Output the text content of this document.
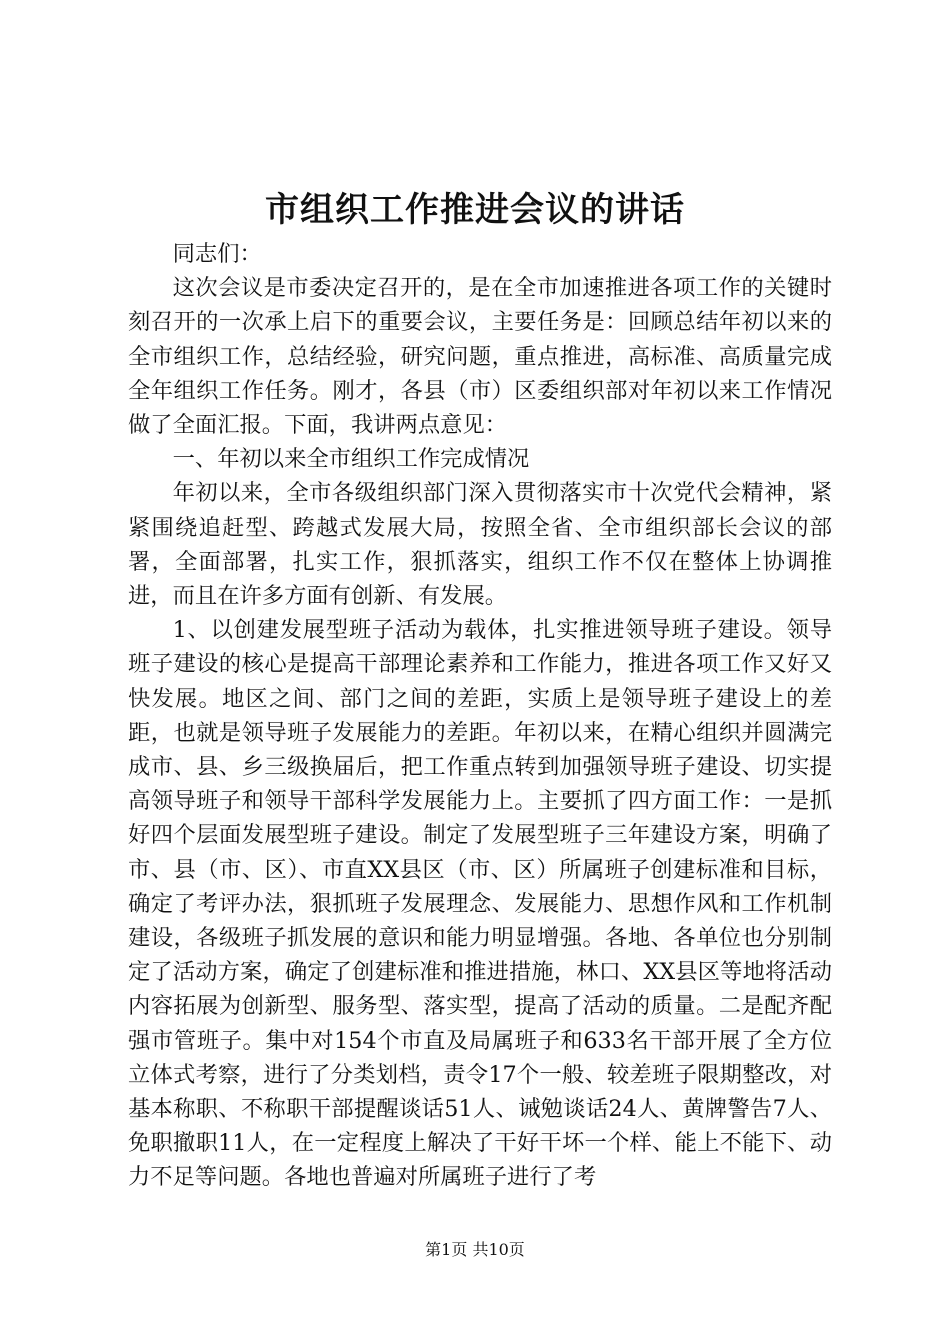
市组织工作推进会议的讲话

同志们：

这次会议是市委决定召开的，是在全市加速推进各项工作的关键时刻召开的一次承上启下的重要会议，主要任务是：回顾总结年初以来的全市组织工作，总结经验，研究问题，重点推进，高标准、高质量完成全年组织工作任务。刚才，各县（市）区委组织部对年初以来工作情况做了全面汇报。下面，我讲两点意见：

一、年初以来全市组织工作完成情况

年初以来，全市各级组织部门深入贯彻落实市十次党代会精神，紧紧围绕追赶型、跨越式发展大局，按照全省、全市组织部长会议的部署，全面部署，扎实工作，狠抓落实，组织工作不仅在整体上协调推进，而且在许多方面有创新、有发展。

1、以创建发展型班子活动为载体，扎实推进领导班子建设。领导班子建设的核心是提高干部理论素养和工作能力，推进各项工作又好又快发展。地区之间、部门之间的差距，实质上是领导班子建设上的差距，也就是领导班子发展能力的差距。年初以来，在精心组织并圆满完成市、县、乡三级换届后，把工作重点转到加强领导班子建设、切实提高领导班子和领导干部科学发展能力上。主要抓了四方面工作：一是抓好四个层面发展型班子建设。制定了发展型班子三年建设方案，明确了市、县（市、区）、市直XX县区（市、区）所属班子创建标准和目标，确定了考评办法，狠抓班子发展理念、发展能力、思想作风和工作机制建设，各级班子抓发展的意识和能力明显增强。各地、各单位也分别制定了活动方案，确定了创建标准和推进措施，林口、XX县区等地将活动内容拓展为创新型、服务型、落实型，提高了活动的质量。二是配齐配强市管班子。集中对154个市直及局属班子和633名干部开展了全方位立体式考察，进行了分类划档，责令17个一般、较差班子限期整改，对基本称职、不称职干部提醒谈话51人、诫勉谈话24人、黄牌警告7人、免职撤职11人，在一定程度上解决了干好干坏一个样、能上不能下、动力不足等问题。各地也普遍对所属班子进行了考

第1页 共10页
